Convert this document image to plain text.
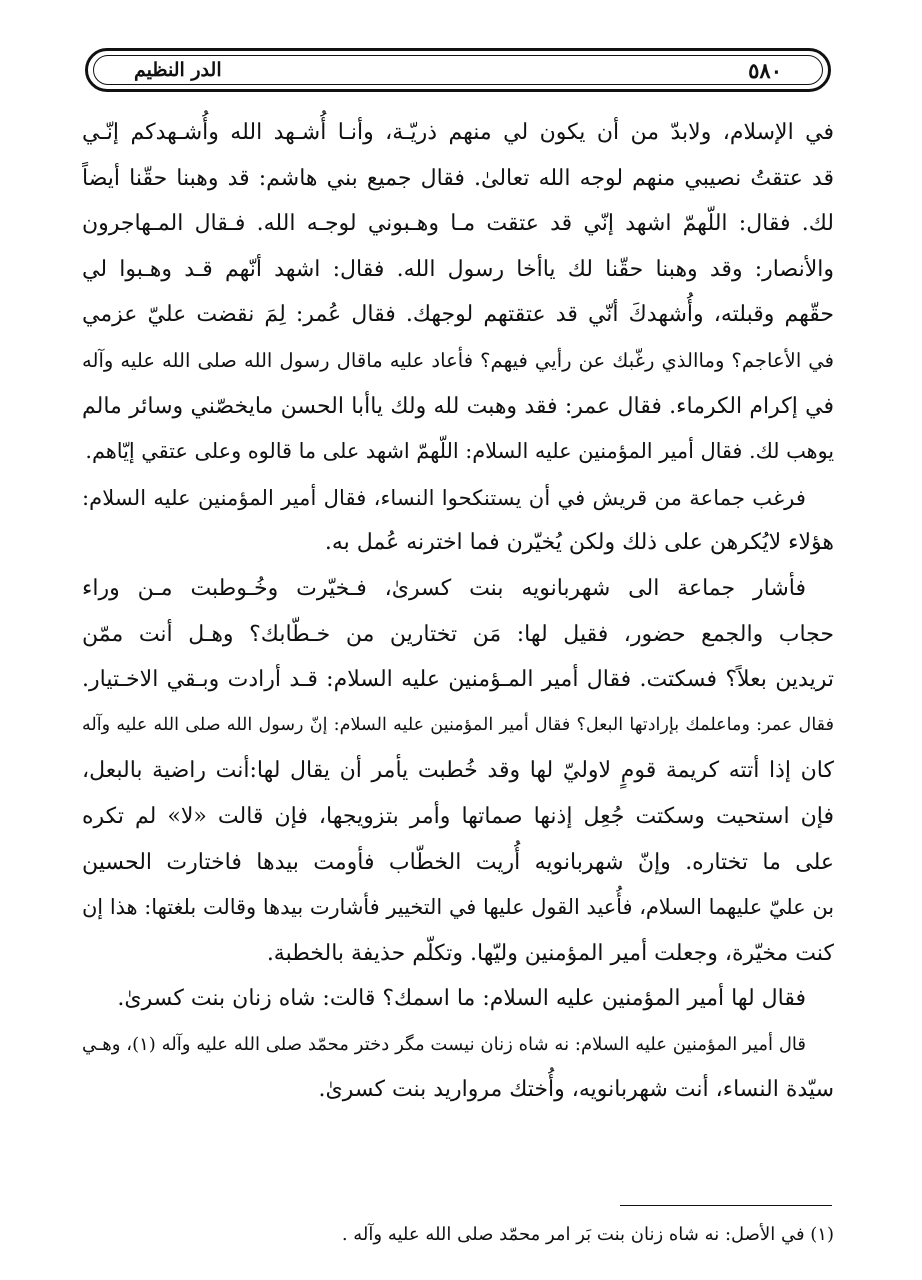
الدر النظيم	٥٨٠
في الإسلام، ولابدّ من أن يكون لي منهم ذريّـة، وأنـا أُشـهد الله وأُشـهدكم إنّـي
قد عتقتُ نصيبي منهم لوجه الله تعالىٰ. فقال جميع بني هاشم: قد وهبنا حقّنا أيضاً
لك. فقال: اللّهمّ اشهد إنّي قد عتقت مـا وهـبوني لوجـه الله. فـقال المـهاجرون
والأنصار: وقد وهبنا حقّنا لك ياأخا رسول الله. فقال: اشهد أنّهم قـد وهـبوا لي
حقّهم وقبلته، وأُشهدكَ أنّي قد عتقتهم لوجهك. فقال عُمر: لِمَ نقضت عليّ عزمي
في الأعاجم؟ وماالذي رغّبك عن رأيي فيهم؟ فأعاد عليه ماقال رسول الله صلى الله عليه وآله
في إكرام الكرماء. فقال عمر: فقد وهبت لله ولك ياأبا الحسن مايخصّني وسائر مالم
يوهب لك. فقال أمير المؤمنين عليه السلام: اللّهمّ اشهد على ما قالوه وعلى عتقي إيّاهم.
فرغب جماعة من قريش في أن يستنكحوا النساء، فقال أمير المؤمنين عليه السلام:
هؤلاء لايُكرهن على ذلك ولكن يُخيّرن فما اخترنه عُمل به.
فأشار جماعة الى شهربانويه بنت كسرىٰ، فـخيّرت وخُـوطبت مـن وراء
حجاب والجمع حضور، فقيل لها: مَن تختارين من خـطّابك؟ وهـل أنت ممّن
تريدين بعلاً؟ فسكتت. فقال أمير المـؤمنين عليه السلام: قـد أرادت وبـقي الاخـتيار.
فقال عمر: وماعلمك بإرادتها البعل؟ فقال أمير المؤمنين عليه السلام: إنّ رسول الله صلى الله عليه وآله
كان إذا أتته كريمة قومٍ لاوليّ لها وقد خُطبت يأمر أن يقال لها:أنت راضية بالبعل،
فإن استحيت وسكتت جُعِل إذنها صماتها وأمر بتزويجها، فإن قالت «لا» لم تكره
على ما تختاره. وإنّ شهربانويه أُريت الخطّاب فأومت بيدها فاختارت الحسين
بن عليّ عليهما السلام، فأُعيد القول عليها في التخيير فأشارت بيدها وقالت بلغتها: هذا إن
كنت مخيّرة، وجعلت أمير المؤمنين وليّها. وتكلّم حذيفة بالخطبة.
فقال لها أمير المؤمنين عليه السلام: ما اسمك؟ قالت: شاه زنان بنت كسرىٰ.
قال أمير المؤمنين عليه السلام: نه شاه زنان نيست مگر دختر محمّد صلى الله عليه وآله (١)، وهـي
سيّدة النساء، أنت شهربانويه، وأُختك مرواريد بنت كسرىٰ.
(١) في الأصل: نه شاه زنان بنت بَر امر محمّد صلى الله عليه وآله .
